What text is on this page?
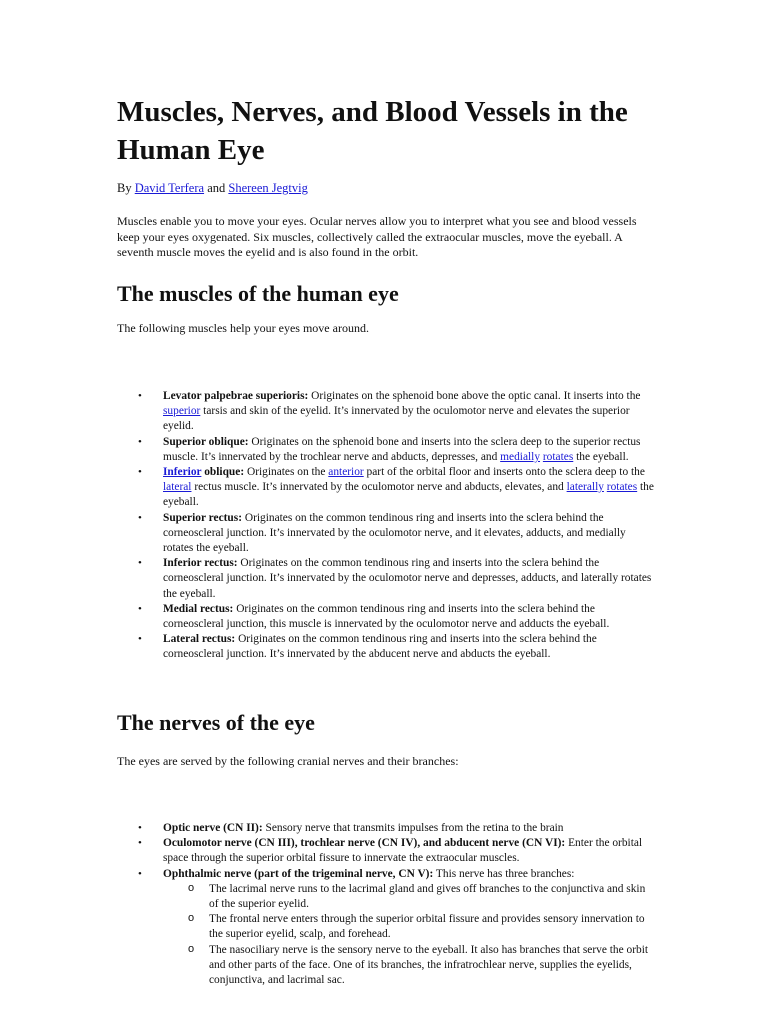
Muscles, Nerves, and Blood Vessels in the Human Eye
By David Terfera and Shereen Jegtvig

Muscles enable you to move your eyes. Ocular nerves allow you to interpret what you see and blood vessels keep your eyes oxygenated. Six muscles, collectively called the extraocular muscles, move the eyeball. A seventh muscle moves the eyelid and is also found in the orbit.

The muscles of the human eye

The following muscles help your eyes move around.

• Levator palpebrae superioris: Originates on the sphenoid bone above the optic canal. It inserts into the superior tarsis and skin of the eyelid. It’s innervated by the oculomotor nerve and elevates the superior eyelid.
• Superior oblique: Originates on the sphenoid bone and inserts into the sclera deep to the superior rectus muscle. It’s innervated by the trochlear nerve and abducts, depresses, and medially rotates the eyeball.
• Inferior oblique: Originates on the anterior part of the orbital floor and inserts onto the sclera deep to the lateral rectus muscle. It’s innervated by the oculomotor nerve and abducts, elevates, and laterally rotates the eyeball.
• Superior rectus: Originates on the common tendinous ring and inserts into the sclera behind the corneoscleral junction. It’s innervated by the oculomotor nerve, and it elevates, adducts, and medially rotates the eyeball.
• Inferior rectus: Originates on the common tendinous ring and inserts into the sclera behind the corneoscleral junction. It’s innervated by the oculomotor nerve and depresses, adducts, and laterally rotates the eyeball.
• Medial rectus: Originates on the common tendinous ring and inserts into the sclera behind the corneoscleral junction, this muscle is innervated by the oculomotor nerve and adducts the eyeball.
• Lateral rectus: Originates on the common tendinous ring and inserts into the sclera behind the corneoscleral junction. It’s innervated by the abducent nerve and abducts the eyeball.
The nerves of the eye

The eyes are served by the following cranial nerves and their branches:

• Optic nerve (CN II): Sensory nerve that transmits impulses from the retina to the brain
• Oculomotor nerve (CN III), trochlear nerve (CN IV), and abducent nerve (CN VI): Enter the orbital space through the superior orbital fissure to innervate the extraocular muscles.
• Ophthalmic nerve (part of the trigeminal nerve, CN V): This nerve has three branches:
o The lacrimal nerve runs to the lacrimal gland and gives off branches to the conjunctiva and skin of the superior eyelid.
o The frontal nerve enters through the superior orbital fissure and provides sensory innervation to the superior eyelid, scalp, and forehead.
o The nasociliary nerve is the sensory nerve to the eyeball. It also has branches that serve the orbit and other parts of the face. One of its branches, the infratrochlear nerve, supplies the eyelids, conjunctiva, and lacrimal sac.
